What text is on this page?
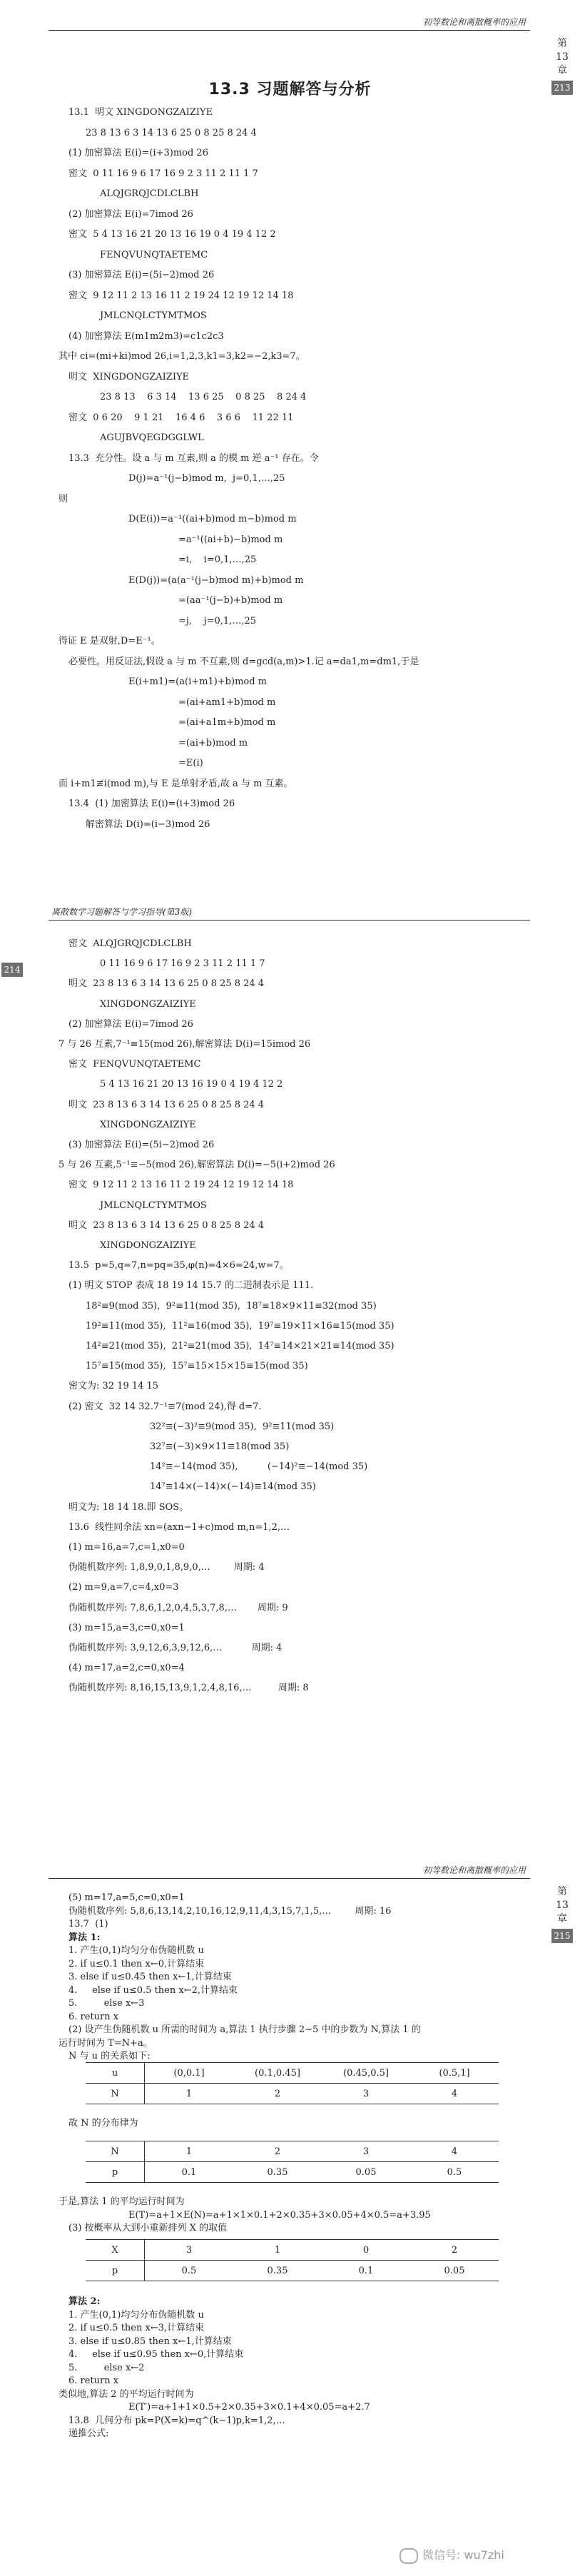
初等数论和离散概率的应用
第
13
章
213
13.3 习题解答与分析
13.1  明文 XINGDONGZAIZIYE
23 8 13 6 3 14 13 6 25 0 8 25 8 24 4
(1) 加密算法 E(i)=(i+3)mod 26
密文  0 11 16 9 6 17 16 9 2 3 11 2 11 1 7
ALQJGRQJCDLCLBH
(2) 加密算法 E(i)=7imod 26
密文  5 4 13 16 21 20 13 16 19 0 4 19 4 12 2
FENQVUNQTAETEMC
(3) 加密算法 E(i)=(5i−2)mod 26
密文  9 12 11 2 13 16 11 2 19 24 12 19 12 14 18
JMLCNQLCTYMTMOS
(4) 加密算法 E(m1m2m3)=c1c2c3
其中 ci=(mi+ki)mod 26,i=1,2,3,k1=3,k2=−2,k3=7。
明文  XINGDONGZAIZIYE
23 8 13    6 3 14    13 6 25    0 8 25    8 24 4
密文  0 6 20    9 1 21    16 4 6    3 6 6    11 22 11
AGUJBVQEGDGGLWL
13.3  充分性。设 a 与 m 互素,则 a 的模 m 逆 a⁻¹ 存在。令
D(j)=a⁻¹(j−b)mod m,  j=0,1,…,25
则
D(E(i))=a⁻¹((ai+b)mod m−b)mod m
=a⁻¹((ai+b)−b)mod m
=i,    i=0,1,…,25
E(D(j))=(a(a⁻¹(j−b)mod m)+b)mod m
=(aa⁻¹(j−b)+b)mod m
=j,    j=0,1,…,25
得证 E 是双射,D=E⁻¹。
必要性。用反证法,假设 a 与 m 不互素,则 d=gcd(a,m)>1.记 a=da1,m=dm1,于是
E(i+m1)=(a(i+m1)+b)mod m
=(ai+am1+b)mod m
=(ai+a1m+b)mod m
=(ai+b)mod m
=E(i)
而 i+m1≢i(mod m),与 E 是单射矛盾,故 a 与 m 互素。
13.4  (1) 加密算法 E(i)=(i+3)mod 26
解密算法 D(i)=(i−3)mod 26
离散数学习题解答与学习指导(第3版)
214
密文  ALQJGRQJCDLCLBH
0 11 16 9 6 17 16 9 2 3 11 2 11 1 7
明文  23 8 13 6 3 14 13 6 25 0 8 25 8 24 4
XINGDONGZAIZIYE
(2) 加密算法 E(i)=7imod 26
7 与 26 互素,7⁻¹≡15(mod 26),解密算法 D(i)=15imod 26
密文  FENQVUNQTAETEMC
5 4 13 16 21 20 13 16 19 0 4 19 4 12 2
明文  23 8 13 6 3 14 13 6 25 0 8 25 8 24 4
XINGDONGZAIZIYE
(3) 加密算法 E(i)=(5i−2)mod 26
5 与 26 互素,5⁻¹≡−5(mod 26),解密算法 D(i)=−5(i+2)mod 26
密文  9 12 11 2 13 16 11 2 19 24 12 19 12 14 18
JMLCNQLCTYMTMOS
明文  23 8 13 6 3 14 13 6 25 0 8 25 8 24 4
XINGDONGZAIZIYE
13.5  p=5,q=7,n=pq=35,φ(n)=4×6=24,w=7。
(1) 明文 STOP 表成 18 19 14 15.7 的二进制表示是 111.
18²≡9(mod 35),  9²≡11(mod 35),  18⁷≡18×9×11≡32(mod 35)
19²≡11(mod 35),  11²≡16(mod 35),  19⁷≡19×11×16≡15(mod 35)
14²≡21(mod 35),  21²≡21(mod 35),  14⁷≡14×21×21≡14(mod 35)
15⁷≡15(mod 35),  15⁷≡15×15×15≡15(mod 35)
密文为: 32 19 14 15
(2) 密文  32 14 32.7⁻¹≡7(mod 24),得 d=7.
32²≡(−3)²≡9(mod 35),  9²≡11(mod 35)
32⁷≡(−3)×9×11≡18(mod 35)
14²≡−14(mod 35),          (−14)²≡−14(mod 35)
14⁷≡14×(−14)×(−14)≡14(mod 35)
明文为: 18 14 18.即 SOS。
13.6  线性同余法 xn=(axn−1+c)mod m,n=1,2,…
(1) m=16,a=7,c=1,x0=0
伪随机数序列: 1,8,9,0,1,8,9,0,…        周期: 4
(2) m=9,a=7,c=4,x0=3
伪随机数序列: 7,8,6,1,2,0,4,5,3,7,8,…       周期: 9
(3) m=15,a=3,c=0,x0=1
伪随机数序列: 3,9,12,6,3,9,12,6,…          周期: 4
(4) m=17,a=2,c=0,x0=4
伪随机数序列: 8,16,15,13,9,1,2,4,8,16,…         周期: 8
初等数论和离散概率的应用
第
13
章
215
(5) m=17,a=5,c=0,x0=1
伪随机数序列: 5,8,6,13,14,2,10,16,12,9,11,4,3,15,7,1,5,…        周期: 16
13.7  (1)
算法 1:
1. 产生(0,1)均匀分布伪随机数 u
2. if u≤0.1 then x←0,计算结束
3. else if u≤0.45 then x←1,计算结束
4.     else if u≤0.5 then x←2,计算结束
5.         else x←3
6. return x
(2) 设产生伪随机数 u 所需的时间为 a,算法 1 执行步骤 2~5 中的步数为 N,算法 1 的
运行时间为 T=N+a。
N 与 u 的关系如下:
u	(0,0.1]	(0.1,0.45]	(0.45,0.5]	(0.5,1]
N	1	2	3	4
故 N 的分布律为
N	1	2	3	4
p	0.1	0.35	0.05	0.5
于是,算法 1 的平均运行时间为
E(T)=a+1×E(N)=a+1×1×0.1+2×0.35+3×0.05+4×0.5=a+3.95
(3) 按概率从大到小重新排列 X 的取值
X	3	1	0	2
p	0.5	0.35	0.1	0.05
算法 2:
1. 产生(0,1)均匀分布伪随机数 u
2. if u≤0.5 then x←3,计算结束
3. else if u≤0.85 then x←1,计算结束
4.     else if u≤0.95 then x←0,计算结束
5.         else x←2
6. return x
类似地,算法 2 的平均运行时间为
E(T′)=a+1+1×0.5+2×0.35+3×0.1+4×0.05=a+2.7
13.8  几何分布 pk=P(X=k)=q^(k−1)p,k=1,2,…
递推公式:
微信号: wu7zhi
